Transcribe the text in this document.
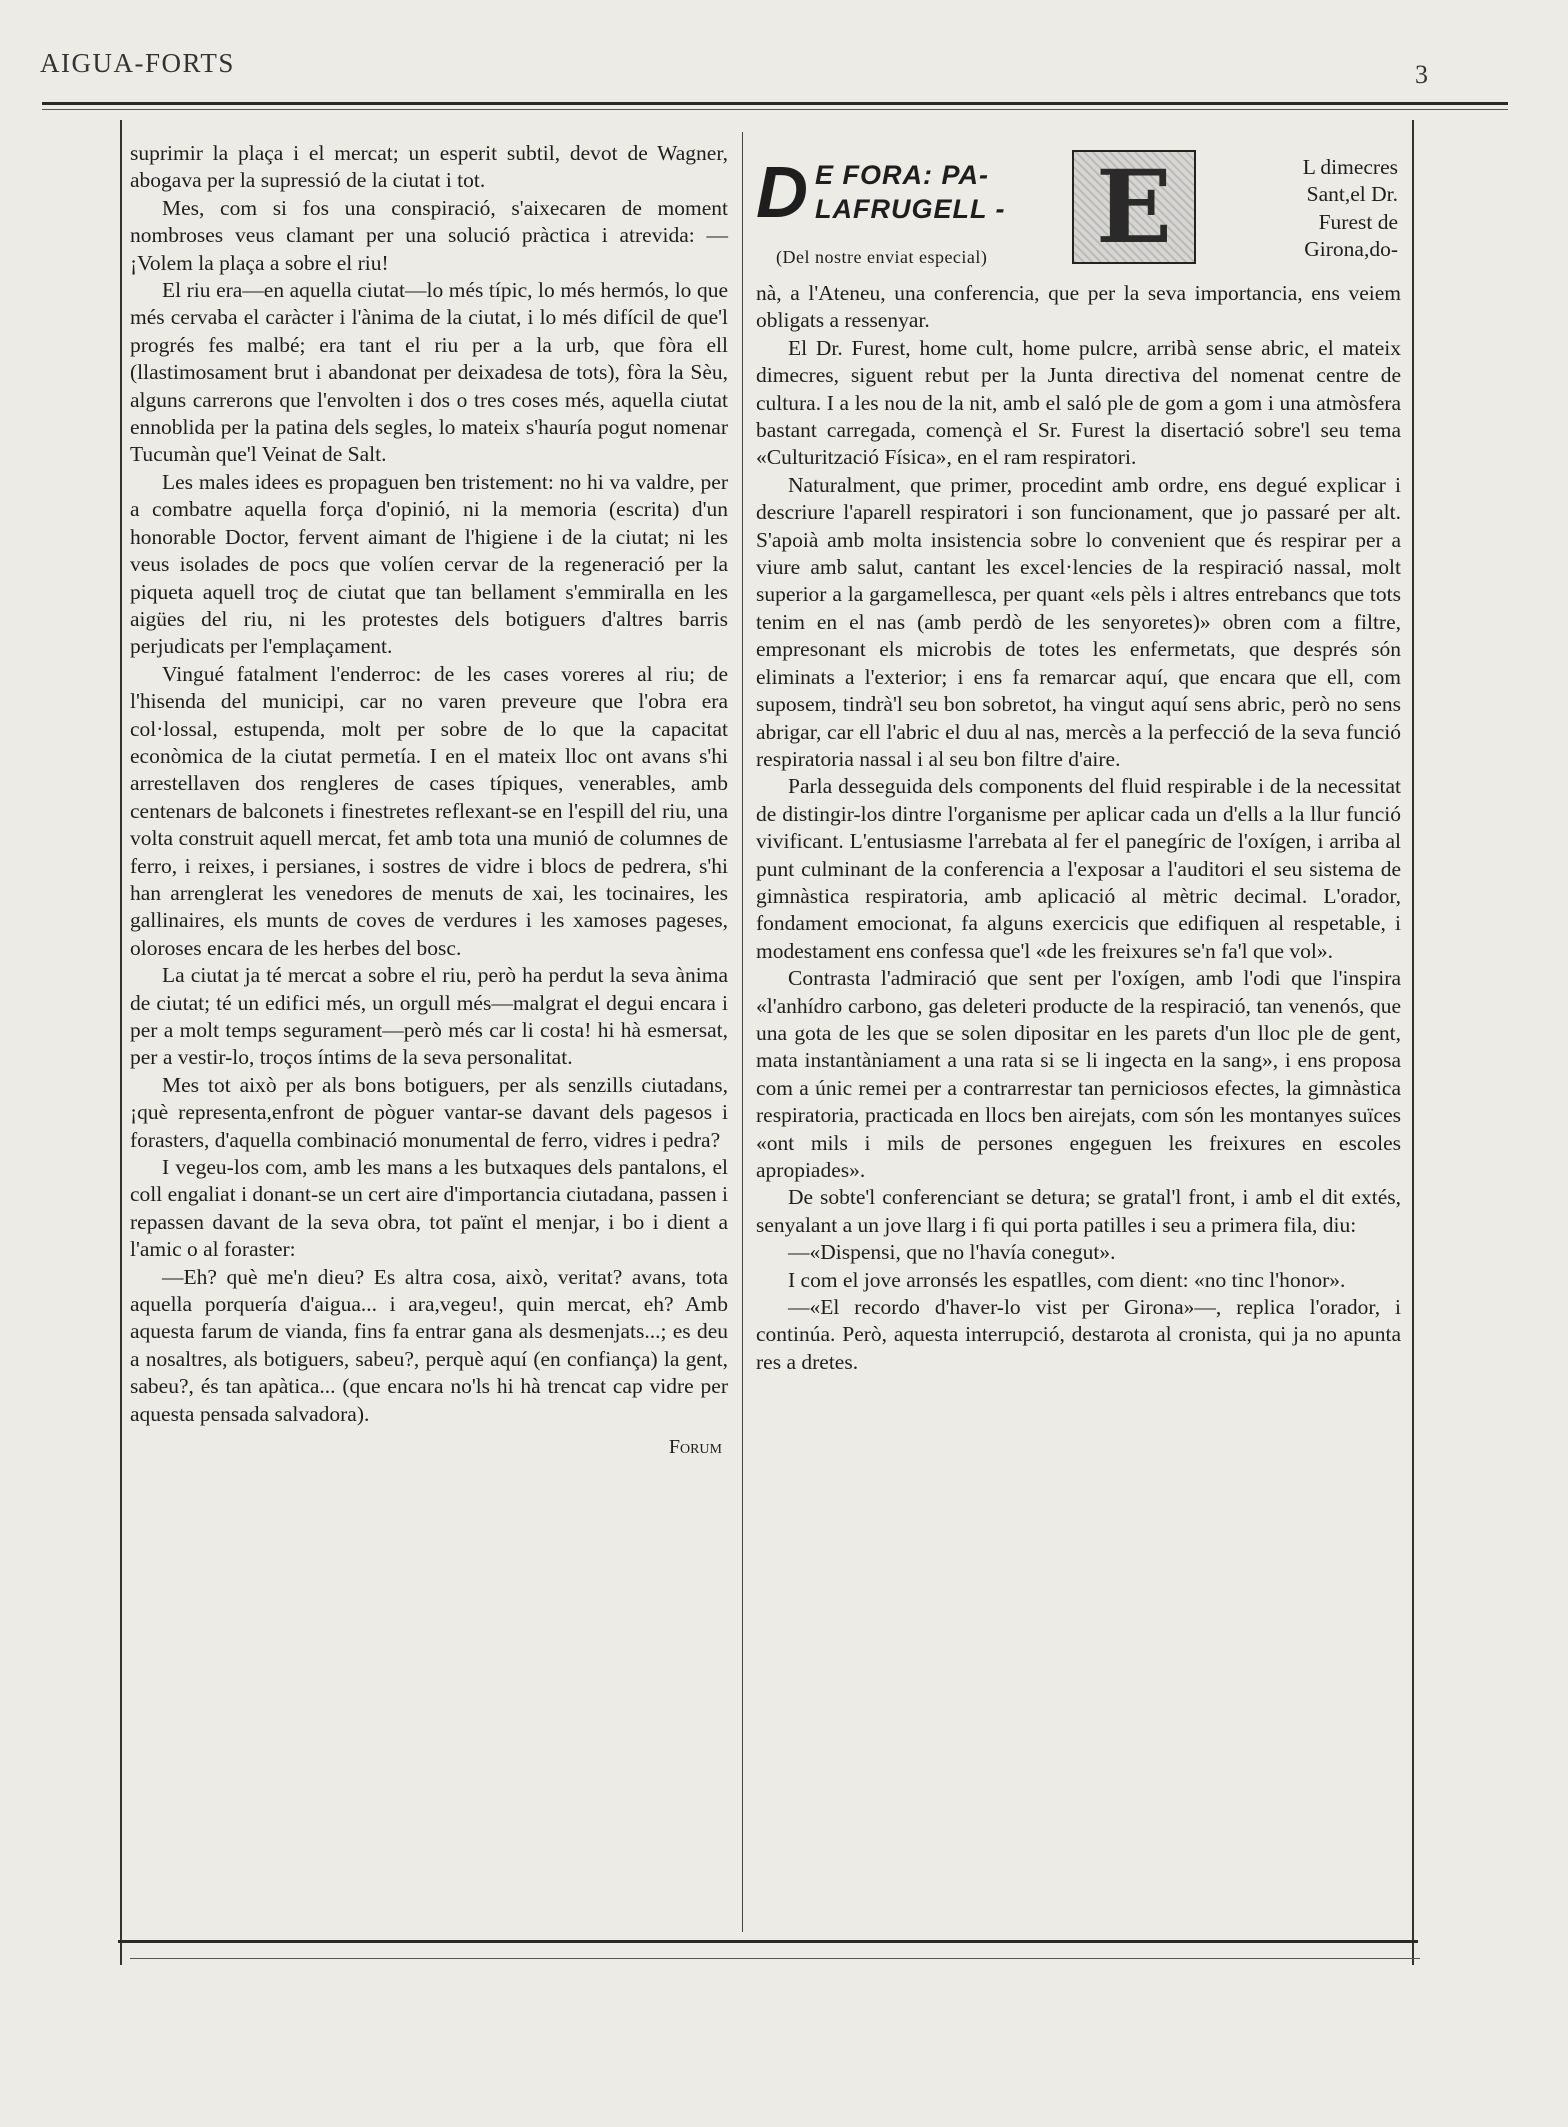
AIGUA-FORTS	3

suprimir la plaça i el mercat; un esperit subtil, devot de Wagner, abogava per la supressió de la ciutat i tot.

Mes, com si fos una conspiració, s'aixecaren de moment nombroses veus clamant per una solució pràctica i atrevida: —¡Volem la plaça a sobre el riu!

El riu era—en aquella ciutat—lo més típic, lo més hermós, lo que més cervaba el caràcter i l'ànima de la ciutat, i lo més difícil de que'l progrés fes malbé; era tant el riu per a la urb, que fòra ell (llastimosament brut i abandonat per deixadesa de tots), fòra la Sèu, alguns carrerons que l'envolten i dos o tres coses més, aquella ciutat ennoblida per la patina dels segles, lo mateix s'hauría pogut nomenar Tucumàn que'l Veinat de Salt.

Les males idees es propaguen ben tristement: no hi va valdre, per a combatre aquella força d'opinió, ni la memoria (escrita) d'un honorable Doctor, fervent aimant de l'higiene i de la ciutat; ni les veus isolades de pocs que volíen cervar de la regeneració per la piqueta aquell troç de ciutat que tan bellament s'emmiralla en les aigües del riu, ni les protestes dels botiguers d'altres barris perjudicats per l'emplaçament.

Vingué fatalment l'enderroc: de les cases voreres al riu; de l'hisenda del municipi, car no varen preveure que l'obra era col·lossal, estupenda, molt per sobre de lo que la capacitat econòmica de la ciutat permetía. I en el mateix lloc ont avans s'hi arrestellaven dos rengleres de cases típiques, venerables, amb centenars de balconets i finestretes reflexant-se en l'espill del riu, una volta construit aquell mercat, fet amb tota una munió de columnes de ferro, i reixes, i persianes, i sostres de vidre i blocs de pedrera, s'hi han arrenglerat les venedores de menuts de xai, les tocinaires, les gallinaires, els munts de coves de verdures i les xamoses pageses, oloroses encara de les herbes del bosc.

La ciutat ja té mercat a sobre el riu, però ha perdut la seva ànima de ciutat; té un edifici més, un orgull més—malgrat el degui encara i per a molt temps segurament—però més car li costa! hi hà esmersat, per a vestir-lo, troços íntims de la seva personalitat.

Mes tot això per als bons botiguers, per als senzills ciutadans, ¡què representa,enfront de pòguer vantar-se davant dels pagesos i forasters, d'aquella combinació monumental de ferro, vidres i pedra?

I vegeu-los com, amb les mans a les butxaques dels pantalons, el coll engaliat i donant-se un cert aire d'importancia ciutadana, passen i repassen davant de la seva obra, tot païnt el menjar, i bo i dient a l'amic o al foraster:

—Eh? què me'n dieu? Es altra cosa, això, veritat? avans, tota aquella porquería d'aigua... i ara,vegeu!, quin mercat, eh? Amb aquesta farum de vianda, fins fa entrar gana als desmenjats...; es deu a nosaltres, als botiguers, sabeu?, perquè aquí (en confiança) la gent, sabeu?, és tan apàtica... (que encara no'ls hi hà trencat cap vidre per aquesta pensada salvadora).

Forum

D E FORA: PA-
LAFRUGELL -
(Del nostre enviat especial) E	L dimecres
Sant,el Dr.
Furest de
Girona,do-

nà, a l'Ateneu, una conferencia, que per la seva importancia, ens veiem obligats a ressenyar.

El Dr. Furest, home cult, home pulcre, arribà sense abric, el mateix dimecres, siguent rebut per la Junta directiva del nomenat centre de cultura. I a les nou de la nit, amb el saló ple de gom a gom i una atmòsfera bastant carregada, començà el Sr. Furest la disertació sobre'l seu tema «Culturització Física», en el ram respiratori.

Naturalment, que primer, procedint amb ordre, ens degué explicar i descriure l'aparell respiratori i son funcionament, que jo passaré per alt. S'apoià amb molta insistencia sobre lo convenient que és respirar per a viure amb salut, cantant les excel·lencies de la respiració nassal, molt superior a la gargamellesca, per quant «els pèls i altres entrebancs que tots tenim en el nas (amb perdò de les senyoretes)» obren com a filtre, empresonant els microbis de totes les enfermetats, que després són eliminats a l'exterior; i ens fa remarcar aquí, que encara que ell, com suposem, tindrà'l seu bon sobretot, ha vingut aquí sens abric, però no sens abrigar, car ell l'abric el duu al nas, mercès a la perfecció de la seva funció respiratoria nassal i al seu bon filtre d'aire.

Parla desseguida dels components del fluid respirable i de la necessitat de distingir-los dintre l'organisme per aplicar cada un d'ells a la llur funció vivificant. L'entusiasme l'arrebata al fer el panegíric de l'oxígen, i arriba al punt culminant de la conferencia a l'exposar a l'auditori el seu sistema de gimnàstica respiratoria, amb aplicació al mètric decimal. L'orador, fondament emocionat, fa alguns exercicis que edifiquen al respetable, i modestament ens confessa que'l «de les freixures se'n fa'l que vol».

Contrasta l'admiració que sent per l'oxígen, amb l'odi que l'inspira «l'anhídro carbono, gas deleteri producte de la respiració, tan venenós, que una gota de les que se solen dipositar en les parets d'un lloc ple de gent, mata instantàniament a una rata si se li ingecta en la sang», i ens proposa com a únic remei per a contrarrestar tan perniciosos efectes, la gimnàstica respiratoria, practicada en llocs ben airejats, com són les montanyes suïces «ont mils i mils de persones engeguen les freixures en escoles apropiades».

De sobte'l conferenciant se detura; se gratal'l front, i amb el dit extés, senyalant a un jove llarg i fi qui porta patilles i seu a primera fila, diu:

—«Dispensi, que no l'havía conegut».

I com el jove arronsés les espatlles, com dient: «no tinc l'honor».

—«El recordo d'haver-lo vist per Girona»—, replica l'orador, i continúa. Però, aquesta interrupció, destarota al cronista, qui ja no apunta res a dretes.
